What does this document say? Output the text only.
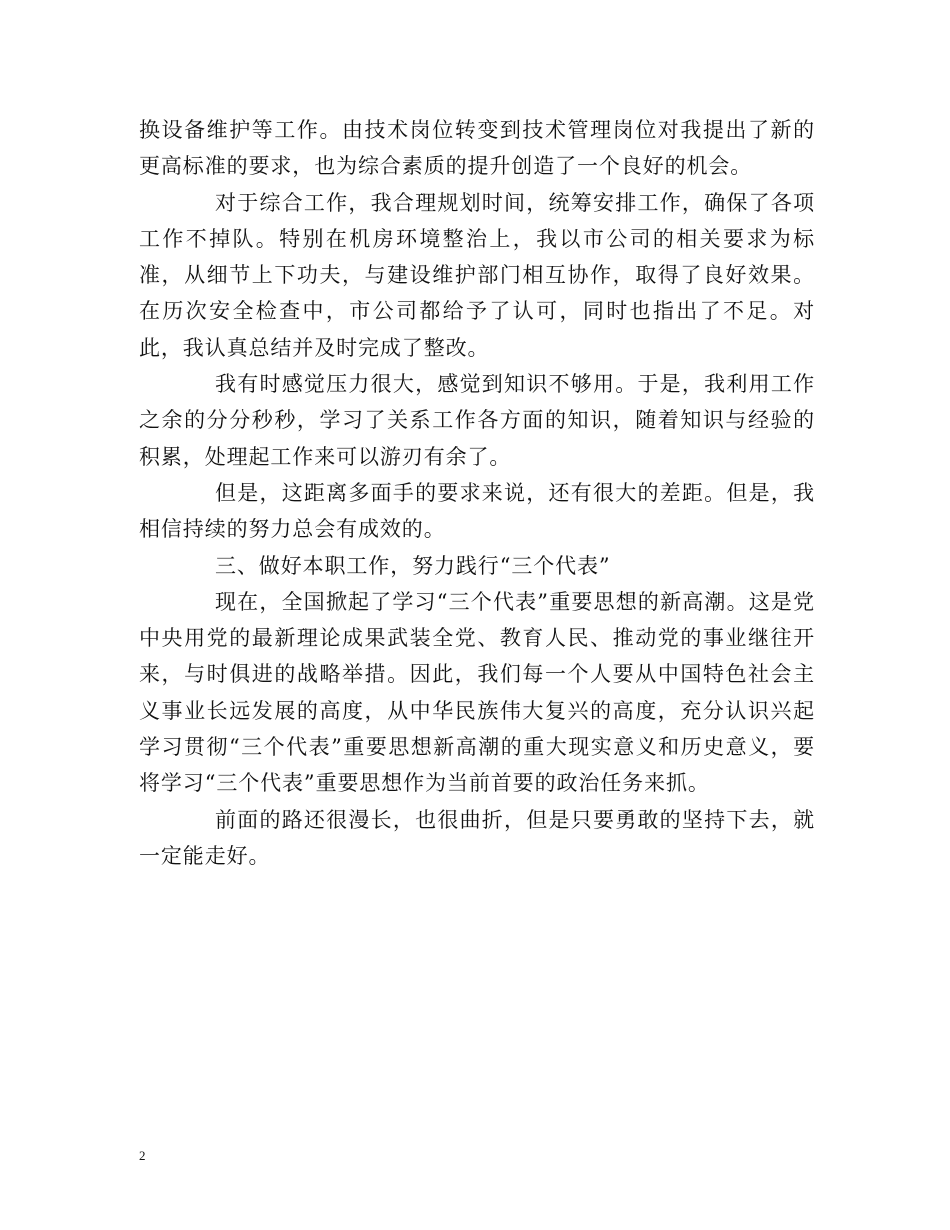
换设备维护等工作。由技术岗位转变到技术管理岗位对我提出了新的更高标准的要求，也为综合素质的提升创造了一个良好的机会。

对于综合工作，我合理规划时间，统筹安排工作，确保了各项工作不掉队。特别在机房环境整治上，我以市公司的相关要求为标准，从细节上下功夫，与建设维护部门相互协作，取得了良好效果。在历次安全检查中，市公司都给予了认可，同时也指出了不足。对此，我认真总结并及时完成了整改。

我有时感觉压力很大，感觉到知识不够用。于是，我利用工作之余的分分秒秒，学习了关系工作各方面的知识，随着知识与经验的积累，处理起工作来可以游刃有余了。

但是，这距离多面手的要求来说，还有很大的差距。但是，我相信持续的努力总会有成效的。

三、做好本职工作，努力践行“三个代表”

现在，全国掀起了学习“三个代表”重要思想的新高潮。这是党中央用党的最新理论成果武装全党、教育人民、推动党的事业继往开来，与时俱进的战略举措。因此，我们每一个人要从中国特色社会主义事业长远发展的高度，从中华民族伟大复兴的高度，充分认识兴起学习贯彻“三个代表”重要思想新高潮的重大现实意义和历史意义，要将学习“三个代表”重要思想作为当前首要的政治任务来抓。

前面的路还很漫长，也很曲折，但是只要勇敢的坚持下去，就一定能走好。

2
